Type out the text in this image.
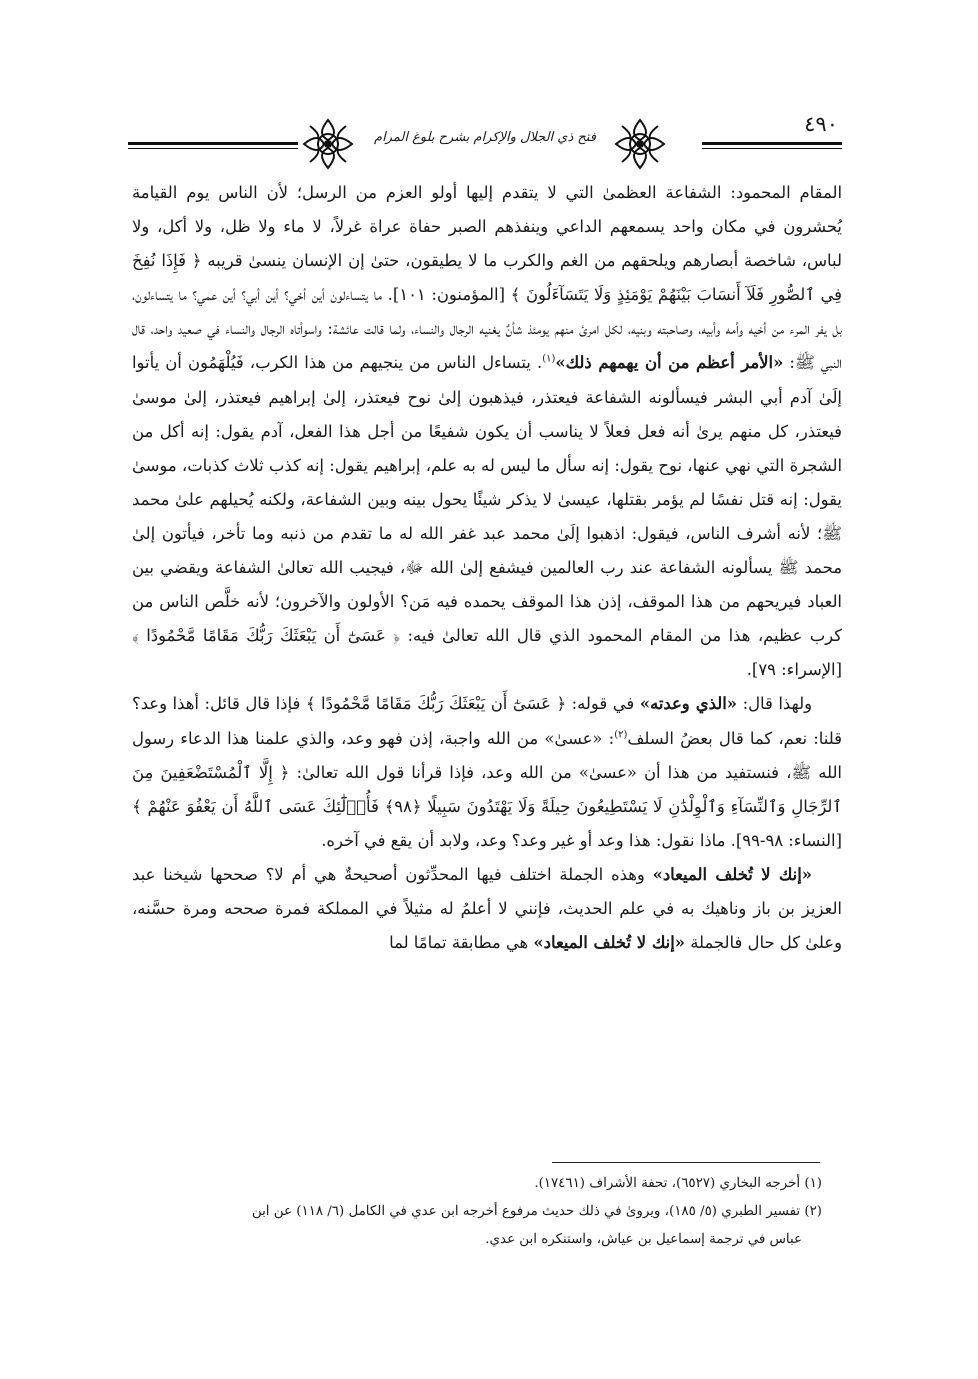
فتح ذي الجلال والإكرام بشرح بلوغ المرام
٤٩٠

المقام المحمود: الشفاعة العظمىٰ التي لا يتقدم إليها أولو العزم من الرسل؛ لأن الناس يوم القيامة يُحشرون في مكان واحد يسمعهم الداعي وينفذهم الصبر حفاة عراة غرلاً، لا ماء ولا ظل، ولا أكل، ولا لباس، شاخصة أبصارهم ويلحقهم من الغم والكرب ما لا يطيقون، حتىٰ إن الإنسان ينسىٰ قريبه ﴿ فَإِذَا نُفِخَ فِي ٱلصُّورِ فَلَآ أَنسَابَ بَيْنَهُمْ يَوْمَئِذٍ وَلَا يَتَسَآءَلُونَ ﴾ [المؤمنون: ١٠١]. ما يتساءلون أين أخي؟ أين أبي؟ أين عمي؟ ما يتساءلون، بل يفر المرء من أخيه وأمه وأبيه، وصاحبته وبنيه، لكل امرئ منهم يومئذ شأنٌ يغنيه الرجال والنساء، ولما قالت عائشة: واسوأتاه الرجال والنساء في صعيد واحد، قال النبي ﷺ: «الأمر أعظم من أن يهمهم ذلك»$^{(١)}$. يتساءل الناس من ينجيهم من هذا الكرب، فَيُلْهَمُون أن يأتوا إلَىٰ آدم أبي البشر فيسألونه الشفاعة فيعتذر، فيذهبون إلىٰ نوح فيعتذر، إلىٰ إبراهيم فيعتذر، إلىٰ موسىٰ فيعتذر، كل منهم يرىٰ أنه فعل فعلاً لا يناسب أن يكون شفيعًا من أجل هذا الفعل، آدم يقول: إنه أكل من الشجرة التي نهي عنها، نوح يقول: إنه سأل ما ليس له به علم، إبراهيم يقول: إنه كذب ثلاث كذبات، موسىٰ يقول: إنه قتل نفسًا لم يؤمر بقتلها، عيسىٰ لا يذكر شيئًا يحول بينه وبين الشفاعة، ولكنه يُحيلهم علىٰ محمد ﷺ؛ لأنه أشرف الناس، فيقول: اذهبوا إلَىٰ محمد عبد غفر الله له ما تقدم من ذنبه وما تأخر، فيأتون إلىٰ محمد ﷺ يسألونه الشفاعة عند رب العالمين فيشفع إلىٰ الله ﷻ، فيجيب الله تعالىٰ الشفاعة ويقضي بين العباد فيريحهم من هذا الموقف، إذن هذا الموقف يحمده فيه مَن؟ الأولون والآخرون؛ لأنه خلَّص الناس من كرب عظيم، هذا من المقام المحمود الذي قال الله تعالىٰ فيه: ﴿ عَسَىٰٓ أَن يَبْعَثَكَ رَبُّكَ مَقَامًا مَّحْمُودًا ﴾ [الإسراء: ٧٩].

ولهذا قال: «الذي وعدته» في قوله: ﴿ عَسَىٰٓ أَن يَبْعَثَكَ رَبُّكَ مَقَامًا مَّحْمُودًا ﴾ فإذا قال قائل: أهذا وعد؟ قلنا: نعم، كما قال بعضُ السلف$^{(٢)}$: «عسىٰ» من الله واجبة، إذن فهو وعد، والذي علمنا هذا الدعاء رسول الله ﷺ، فنستفيد من هذا أن «عسىٰ» من الله وعد، فإذا قرأنا قول الله تعالىٰ: ﴿ إِلَّا ٱلْمُسْتَضْعَفِينَ مِنَ ٱلرِّجَالِ وَٱلنِّسَآءِ وَٱلْوِلْدَٰنِ لَا يَسْتَطِيعُونَ حِيلَةً وَلَا يَهْتَدُونَ سَبِيلًا ﴿٩٨﴾ فَأُو۟لَٰٓئِكَ عَسَى ٱللَّهُ أَن يَعْفُوَ عَنْهُمْ ﴾ [النساء: ٩٨-٩٩]. ماذا نقول: هذا وعد أو غير وعد؟ وعد، ولابد أن يقع في آخره.

«إنك لا تُخلف الميعاد» وهذه الجملة اختلف فيها المحدِّثون أصحيحةٌ هي أم لا؟ صححها شيخنا عبد العزيز بن باز وناهيك به في علم الحديث، فإنني لا أعلمُ له مثيلاً في المملكة فمرة صححه ومرة حسَّنه، وعلىٰ كل حال فالجملة «إنك لا تُخلف الميعاد» هي مطابقة تمامًا لما

(١) أخرجه البخاري (٦٥٢٧)، تحفة الأشراف (١٧٤٦١).

(٢) تفسير الطبري (٥/ ١٨٥)، ويروىٰ في ذلك حديث مرفوع أخرجه ابن عدي في الكامل (٦/ ١١٨) عن ابن

عباس في ترجمة إسماعيل بن عياش، واستنكره ابن عدي.
